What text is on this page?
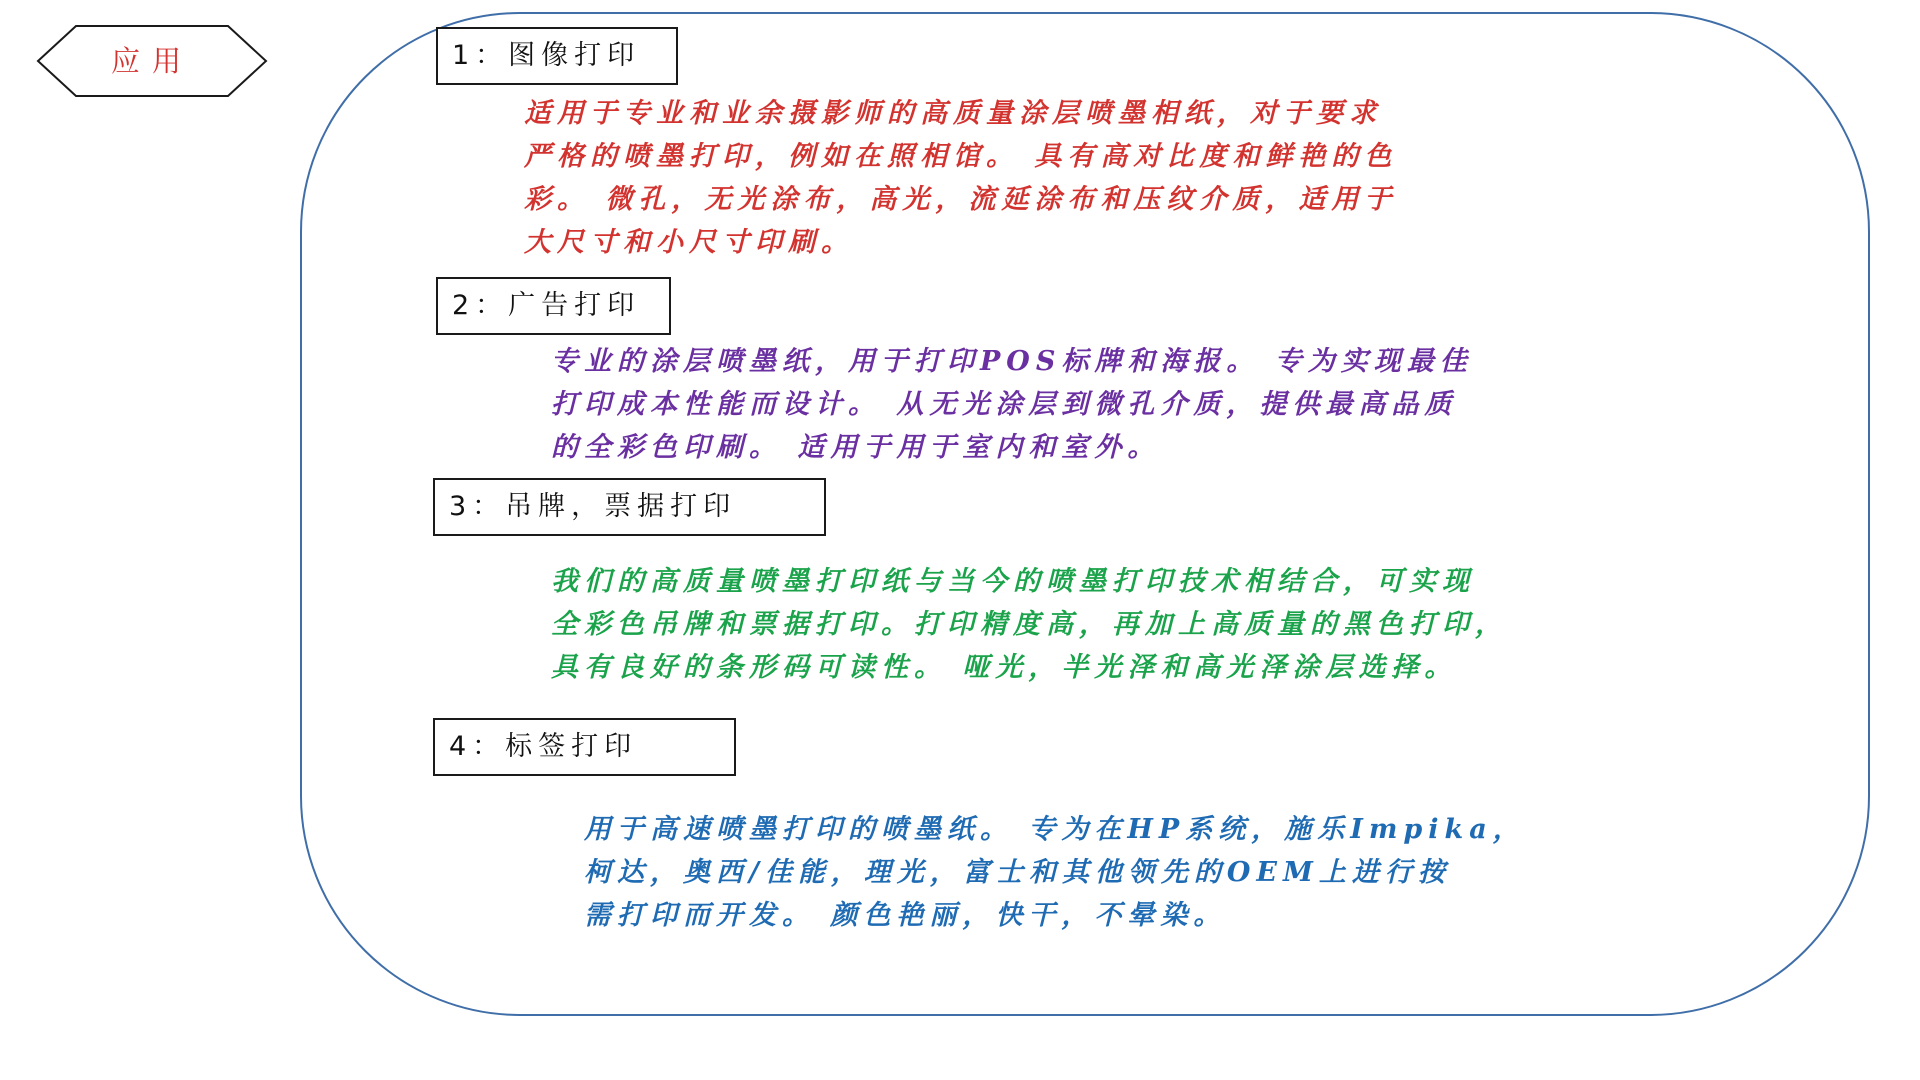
应用	1：图像打印

适用于专业和业余摄影师的高质量涂层喷墨相纸，对于要求
严格的喷墨打印，例如在照相馆。 具有高对比度和鲜艳的色
彩。 微孔，无光涂布，高光，流延涂布和压纹介质，适用于
大尺寸和小尺寸印刷。

2：广告打印

专业的涂层喷墨纸，用于打印POS标牌和海报。 专为实现最佳
打印成本性能而设计。 从无光涂层到微孔介质，提供最高品质
的全彩色印刷。 适用于用于室内和室外。

3：吊牌，票据打印

我们的高质量喷墨打印纸与当今的喷墨打印技术相结合，可实现
全彩色吊牌和票据打印。打印精度高，再加上高质量的黑色打印，
具有良好的条形码可读性。 哑光，半光泽和高光泽涂层选择。

4：标签打印

用于高速喷墨打印的喷墨纸。 专为在HP系统，施乐Impika，
柯达，奥西/佳能，理光，富士和其他领先的OEM上进行按
需打印而开发。 颜色艳丽，快干，不晕染。
